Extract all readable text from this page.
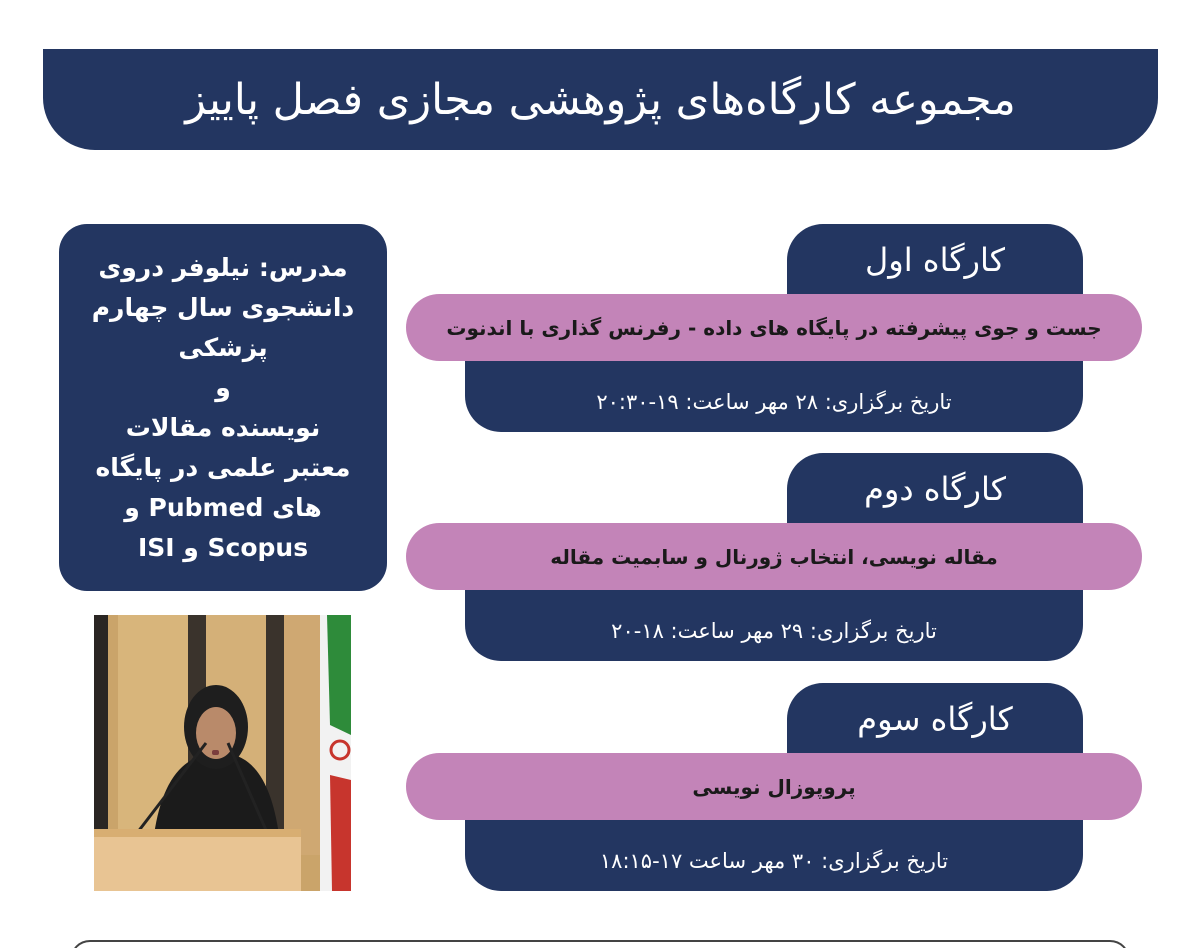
مجموعه کارگاه‌های پژوهشی مجازی فصل پاییز
مدرس: نیلوفر دروی
دانشجوی سال چهارم
پزشکی
و
نویسنده مقالات
معتبر علمی در پایگاه
های Pubmed و
Scopus و ISI
کارگاه اول
جست و جوی پیشرفته در پایگاه های داده - رفرنس گذاری با اندنوت
تاریخ برگزاری: ۲۸ مهر ساعت: ۱۹-۲۰:۳۰
کارگاه دوم
مقاله نویسی، انتخاب ژورنال و سابمیت مقاله
تاریخ برگزاری: ۲۹ مهر ساعت: ۱۸-۲۰
کارگاه سوم
پروپوزال نویسی
تاریخ برگزاری: ۳۰ مهر ساعت ۱۷-۱۸:۱۵
